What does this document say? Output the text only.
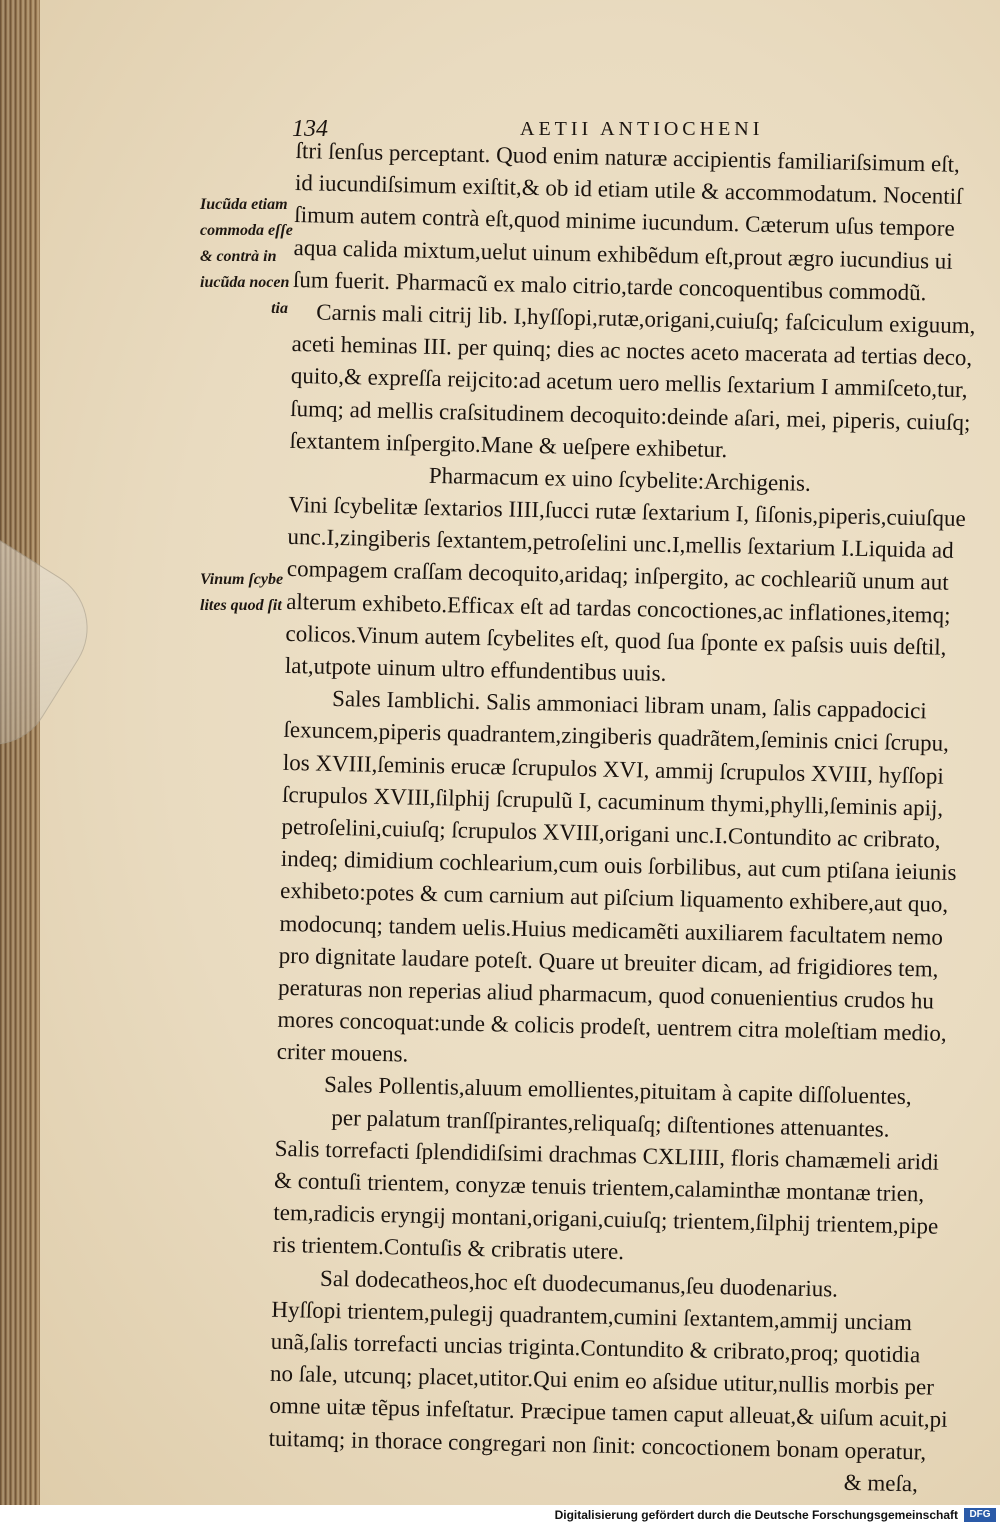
134	AETII ANTIOCHENI
Iucũda etiam
commoda eſſe
& contrà in
iucũda nocen
tia
Vinum ſcybe
lites quod ſit
ſtri ſenſus perceptant. Quod enim naturæ accipientis familiariſsimum eſt,
id iucundiſsimum exiſtit,& ob id etiam utile & accommodatum. Nocentiſ
ſimum autem contrà eſt,quod minime iucundum. Cæterum uſus tempore
aqua calida mixtum,uelut uinum exhibẽdum eſt,prout ægro iucundius ui
ſum fuerit. Pharmacũ ex malo citrio,tarde concoquentibus commodũ.
Carnis mali citrij lib. I,hyſſopi,rutæ,origani,cuiuſq; faſciculum exiguum,
aceti heminas III. per quinq; dies ac noctes aceto macerata ad tertias deco,
quito,& expreſſa reijcito:ad acetum uero mellis ſextarium I ammiſceto,tur,
ſumq; ad mellis craſsitudinem decoquito:deinde aſari, mei, piperis, cuiuſq;
ſextantem inſpergito.Mane & ueſpere exhibetur.
Pharmacum ex uino ſcybelite:Archigenis.
Vini ſcybelitæ ſextarios IIII,ſucci rutæ ſextarium I, ſiſonis,piperis,cuiuſque
unc.I,zingiberis ſextantem,petroſelini unc.I,mellis ſextarium I.Liquida ad
compagem craſſam decoquito,aridaq; inſpergito, ac cochleariũ unum aut
alterum exhibeto.Efficax eſt ad tardas concoctiones,ac inflationes,itemq;
colicos.Vinum autem ſcybelites eſt, quod ſua ſponte ex paſsis uuis deſtil,
lat,utpote uinum ultro effundentibus uuis.
Sales Iamblichi. Salis ammoniaci libram unam, ſalis cappadocici
ſexuncem,piperis quadrantem,zingiberis quadrãtem,ſeminis cnici ſcrupu,
los XVIII,ſeminis erucæ ſcrupulos XVI, ammij ſcrupulos XVIII, hyſſopi
ſcrupulos XVIII,ſilphij ſcrupulũ I, cacuminum thymi,phylli,ſeminis apij,
petroſelini,cuiuſq; ſcrupulos XVIII,origani unc.I.Contundito ac cribrato,
indeq; dimidium cochlearium,cum ouis ſorbilibus, aut cum ptiſana ieiunis
exhibeto:potes & cum carnium aut piſcium liquamento exhibere,aut quo,
modocunq; tandem uelis.Huius medicamẽti auxiliarem facultatem nemo
pro dignitate laudare poteſt. Quare ut breuiter dicam, ad frigidiores tem,
peraturas non reperias aliud pharmacum, quod conuenientius crudos hu
mores concoquat:unde & colicis prodeſt, uentrem citra moleſtiam medio,
criter mouens.
Sales Pollentis,aluum emollientes,pituitam à capite diſſoluentes,
per palatum tranſſpirantes,reliquaſq; diſtentiones attenuantes.
Salis torrefacti ſplendidiſsimi drachmas CXLIIII, floris chamæmeli aridi
& contuſi trientem, conyzæ tenuis trientem,calaminthæ montanæ trien,
tem,radicis eryngij montani,origani,cuiuſq; trientem,ſilphij trientem,pipe
ris trientem.Contuſis & cribratis utere.
Sal dodecatheos,hoc eſt duodecumanus,ſeu duodenarius.
Hyſſopi trientem,pulegij quadrantem,cumini ſextantem,ammij unciam
unã,ſalis torrefacti uncias triginta.Contundito & cribrato,proq; quotidia
no ſale, utcunq; placet,utitor.Qui enim eo aſsidue utitur,nullis morbis per
omne uitæ tẽpus infeſtatur. Præcipue tamen caput alleuat,& uiſum acuit,pi
tuitamq; in thorace congregari non ſinit: concoctionem bonam operatur,
& meſa,
Digitalisierung gefördert durch die Deutsche Forschungsgemeinschaft	DFG
